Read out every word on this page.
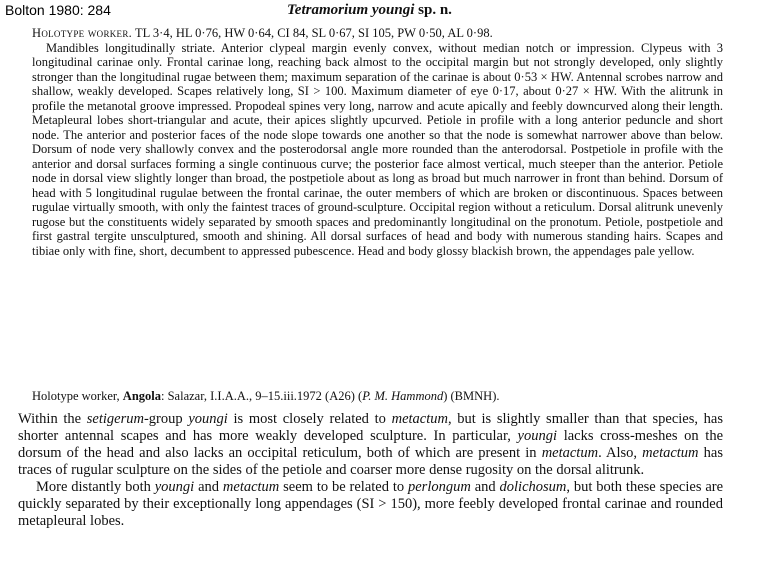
Bolton 1980: 284	Tetramorium youngi sp. n.

Holotype worker. TL 3·4, HL 0·76, HW 0·64, CI 84, SL 0·67, SI 105, PW 0·50, AL 0·98.

Mandibles longitudinally striate. Anterior clypeal margin evenly convex, without median notch or impression. Clypeus with 3 longitudinal carinae only. Frontal carinae long, reaching back almost to the occipital margin but not strongly developed, only slightly stronger than the longitudinal rugae between them; maximum separation of the carinae is about 0·53 × HW. Antennal scrobes narrow and shallow, weakly developed. Scapes relatively long, SI > 100. Maximum diameter of eye 0·17, about 0·27 × HW. With the alitrunk in profile the metanotal groove impressed. Propodeal spines very long, narrow and acute apically and feebly downcurved along their length. Metapleural lobes short-triangular and acute, their apices slightly upcurved. Petiole in profile with a long anterior peduncle and short node. The anterior and posterior faces of the node slope towards one another so that the node is somewhat narrower above than below. Dorsum of node very shallowly convex and the posterodorsal angle more rounded than the anterodorsal. Postpetiole in profile with the anterior and dorsal surfaces forming a single continuous curve; the posterior face almost vertical, much steeper than the anterior. Petiole node in dorsal view slightly longer than broad, the postpetiole about as long as broad but much narrower in front than behind. Dorsum of head with 5 longitudinal rugulae between the frontal carinae, the outer members of which are broken or discontinuous. Spaces between rugulae virtually smooth, with only the faintest traces of ground-sculpture. Occipital region without a reticulum. Dorsal alitrunk unevenly rugose but the constituents widely separated by smooth spaces and predominantly longitudinal on the pronotum. Petiole, postpetiole and first gastral tergite unsculptured, smooth and shining. All dorsal surfaces of head and body with numerous standing hairs. Scapes and tibiae only with fine, short, decumbent to appressed pubescence. Head and body glossy blackish brown, the appendages pale yellow.

Holotype worker, Angola: Salazar, I.I.A.A., 9–15.iii.1972 (A26) (P. M. Hammond) (BMNH).

Within the setigerum-group youngi is most closely related to metactum, but is slightly smaller than that species, has shorter antennal scapes and has more weakly developed sculpture. In particular, youngi lacks cross-meshes on the dorsum of the head and also lacks an occipital reticulum, both of which are present in metactum. Also, metactum has traces of rugular sculpture on the sides of the petiole and coarser more dense rugosity on the dorsal alitrunk.

More distantly both youngi and metactum seem to be related to perlongum and dolichosum, but both these species are quickly separated by their exceptionally long appendages (SI > 150), more feebly developed frontal carinae and rounded metapleural lobes.
